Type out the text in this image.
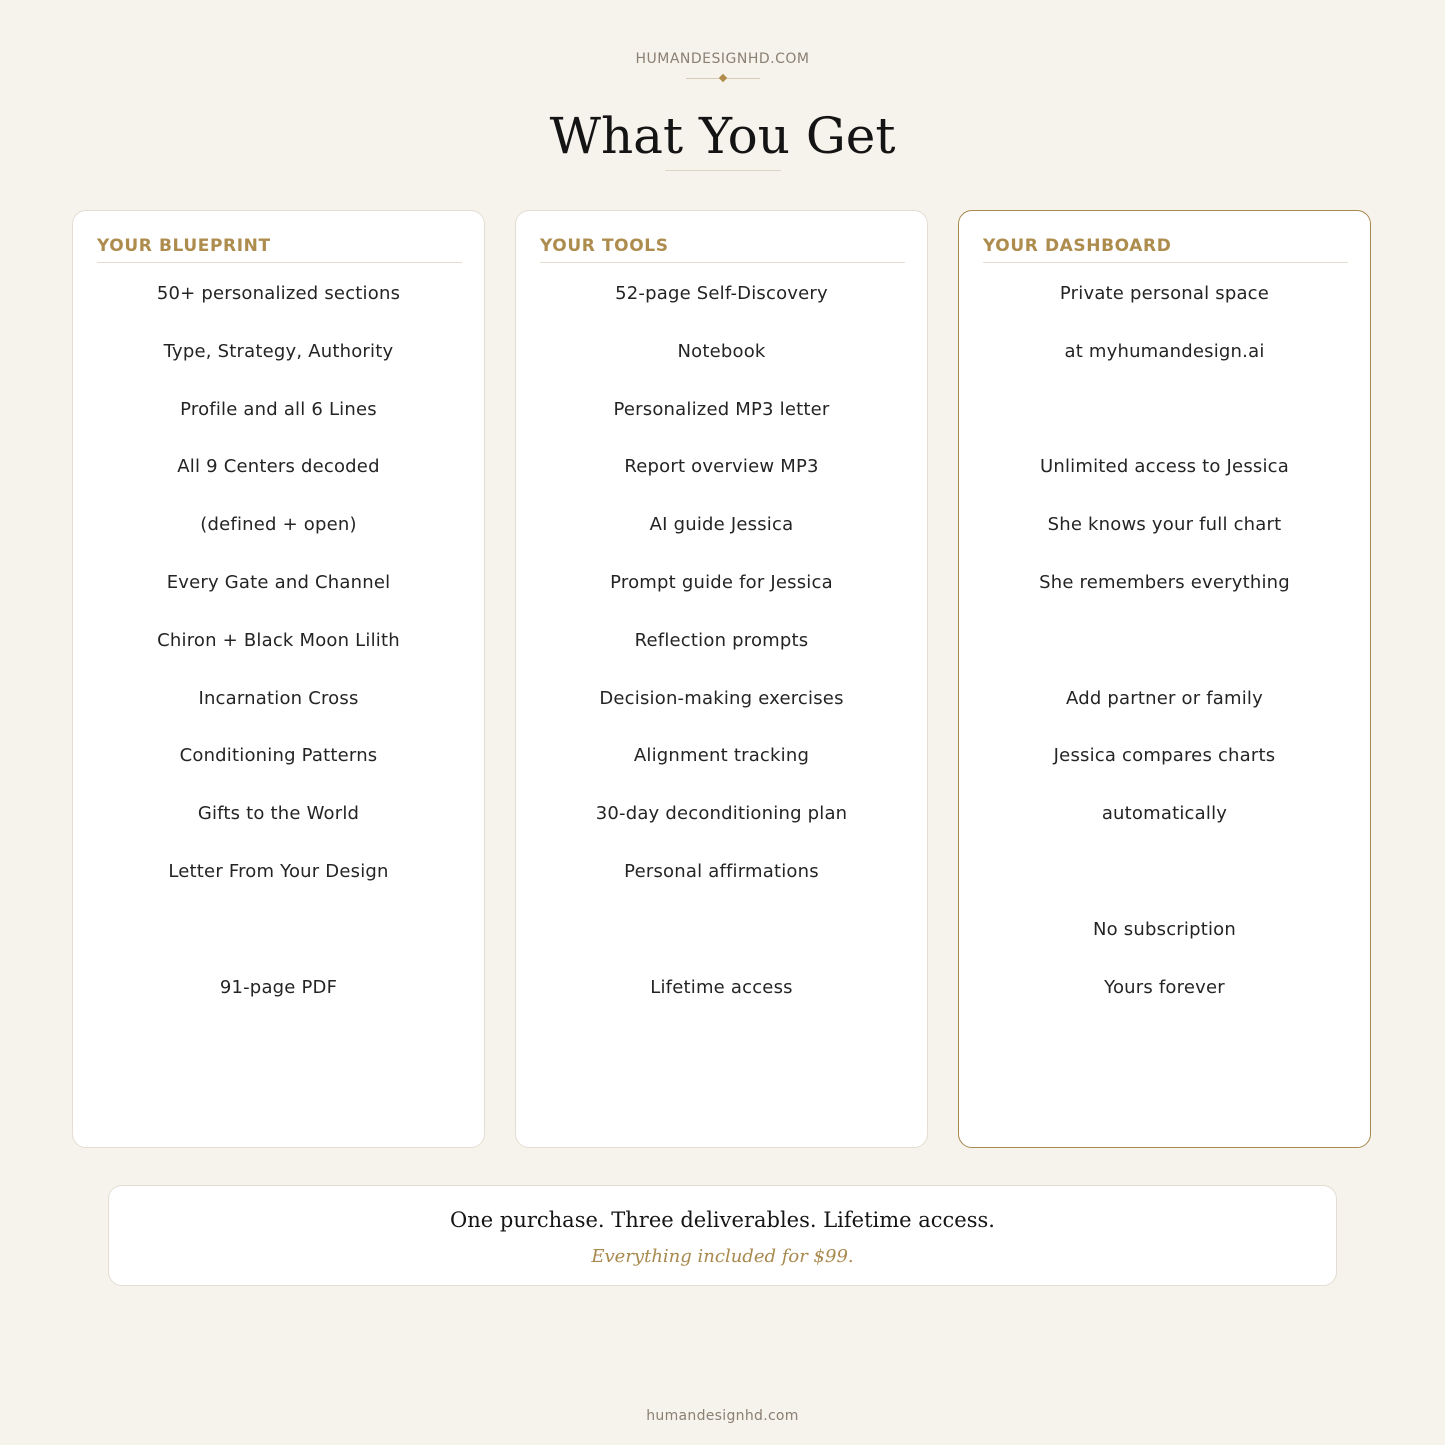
HUMANDESIGNHD.COM
What You Get
YOUR BLUEPRINT
50+ personalized sections
Type, Strategy, Authority
Profile and all 6 Lines
All 9 Centers decoded
(defined + open)
Every Gate and Channel
Chiron + Black Moon Lilith
Incarnation Cross
Conditioning Patterns
Gifts to the World
Letter From Your Design
91-page PDF
YOUR TOOLS
52-page Self-Discovery
Notebook
Personalized MP3 letter
Report overview MP3
AI guide Jessica
Prompt guide for Jessica
Reflection prompts
Decision-making exercises
Alignment tracking
30-day deconditioning plan
Personal affirmations
Lifetime access
YOUR DASHBOARD
Private personal space
at myhumandesign.ai
Unlimited access to Jessica
She knows your full chart
She remembers everything
Add partner or family
Jessica compares charts
automatically
No subscription
Yours forever
One purchase. Three deliverables. Lifetime access.
Everything included for $99.
humandesignhd.com
